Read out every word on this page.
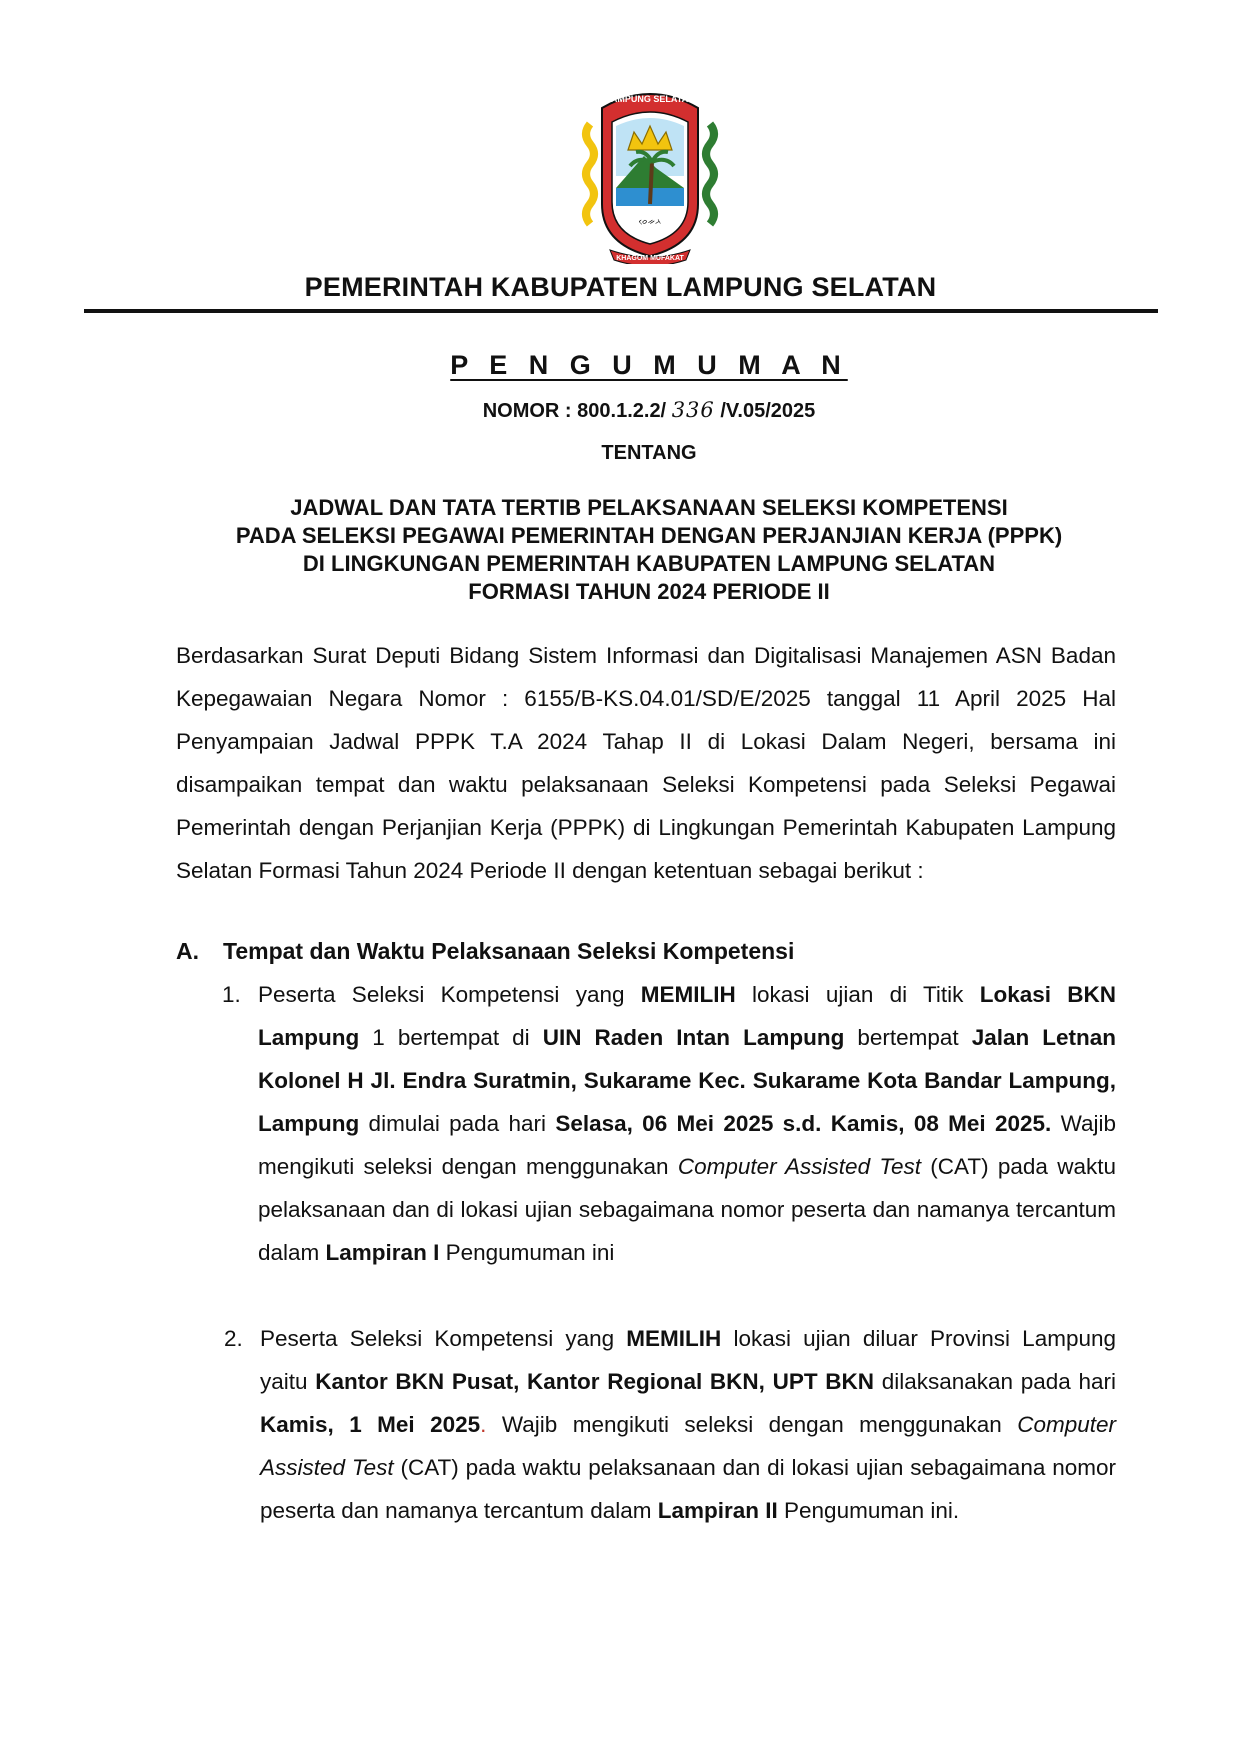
ᨔᨙᨀᨂ
LAMPUNG SELATAN
KHAGOM MUFAKAT
PEMERINTAH KABUPATEN LAMPUNG SELATAN
P E N G U M U M A N
NOMOR : 800.1.2.2/ 336 /V.05/2025
TENTANG
JADWAL DAN TATA TERTIB PELAKSANAAN SELEKSI KOMPETENSI
PADA SELEKSI PEGAWAI PEMERINTAH DENGAN PERJANJIAN KERJA (PPPK)
DI LINGKUNGAN PEMERINTAH KABUPATEN LAMPUNG SELATAN
FORMASI TAHUN 2024 PERIODE II
Berdasarkan Surat Deputi Bidang Sistem Informasi dan Digitalisasi Manajemen ASN Badan Kepegawaian Negara Nomor : 6155/B-KS.04.01/SD/E/2025 tanggal 11 April 2025 Hal Penyampaian Jadwal PPPK T.A 2024 Tahap II di Lokasi Dalam Negeri, bersama ini disampaikan tempat dan waktu pelaksanaan Seleksi Kompetensi pada Seleksi Pegawai Pemerintah dengan Perjanjian Kerja (PPPK) di Lingkungan Pemerintah Kabupaten Lampung Selatan Formasi Tahun 2024 Periode II dengan ketentuan sebagai berikut :
A. Tempat dan Waktu Pelaksanaan Seleksi Kompetensi
1. Peserta Seleksi Kompetensi yang MEMILIH lokasi ujian di Titik Lokasi BKN Lampung 1 bertempat di UIN Raden Intan Lampung bertempat Jalan Letnan Kolonel H Jl. Endra Suratmin, Sukarame Kec. Sukarame Kota Bandar Lampung, Lampung dimulai pada hari Selasa, 06 Mei 2025 s.d. Kamis, 08 Mei 2025. Wajib mengikuti seleksi dengan menggunakan Computer Assisted Test (CAT) pada waktu pelaksanaan dan di lokasi ujian sebagaimana nomor peserta dan namanya tercantum dalam Lampiran I Pengumuman ini
2. Peserta Seleksi Kompetensi yang MEMILIH lokasi ujian diluar Provinsi Lampung yaitu Kantor BKN Pusat, Kantor Regional BKN, UPT BKN dilaksanakan pada hari Kamis, 1 Mei 2025. Wajib mengikuti seleksi dengan menggunakan Computer Assisted Test (CAT) pada waktu pelaksanaan dan di lokasi ujian sebagaimana nomor peserta dan namanya tercantum dalam Lampiran II Pengumuman ini.
